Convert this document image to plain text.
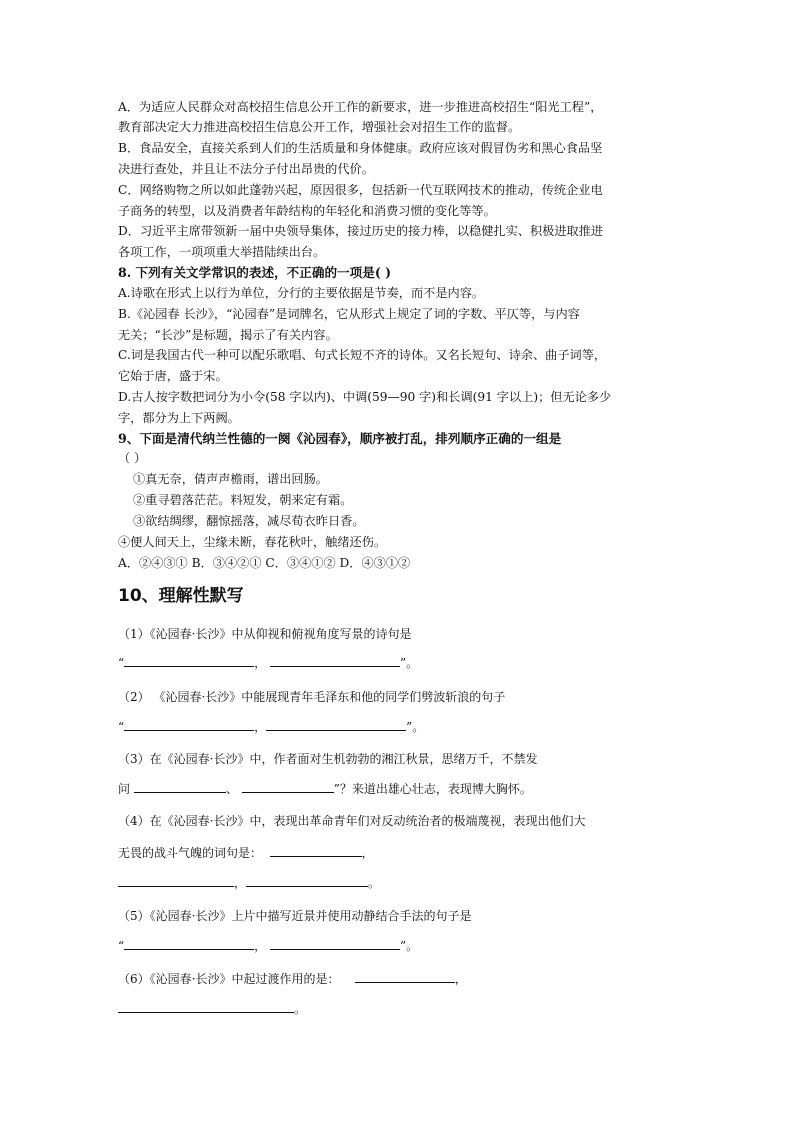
A．为适应人民群众对高校招生信息公开工作的新要求，进一步推进高校招生“阳光工程”，
教育部决定大力推进高校招生信息公开工作，增强社会对招生工作的监督。
B．食品安全，直接关系到人们的生活质量和身体健康。政府应该对假冒伪劣和黑心食品坚
决进行查处，并且让不法分子付出昂贵的代价。
C．网络购物之所以如此蓬勃兴起，原因很多，包括新一代互联网技术的推动，传统企业电
子商务的转型，以及消费者年龄结构的年轻化和消费习惯的变化等等。
D．习近平主席带领新一届中央领导集体，接过历史的接力棒，以稳健扎实、积极进取推进
各项工作，一项项重大举措陆续出台。
8. 下列有关文学常识的表述，不正确的一项是( )
A.诗歌在形式上以行为单位，分行的主要依据是节奏，而不是内容。
B.《沁园春 长沙》，“沁园春”是词牌名，它从形式上规定了词的字数、平仄等，与内容
无关；“长沙”是标题，揭示了有关内容。
C.词是我国古代一种可以配乐歌唱、句式长短不齐的诗体。又名长短句、诗余、曲子词等，
它始于唐，盛于宋。
D.古人按字数把词分为小令(58 字以内)、中调(59—90 字)和长调(91 字以上)；但无论多少
字，都分为上下两阙。
9、下面是清代纳兰性德的一阕《沁园春》，顺序被打乱，排列顺序正确的一组是
（ ）
①真无奈，倩声声檐雨，谱出回肠。
②重寻碧落茫茫。料短发，朝来定有霜。
③欲结绸缪，翻惊摇落，减尽荀衣昨日香。
④便人间天上，尘缘未断，春花秋叶，触绪还伤。
A．②④③① B．③④②① C．③④①② D．④③①②
10、理解性默写
（1）《沁园春·长沙》中从仰视和俯视角度写景的诗句是
“	，	”。
（2） 《沁园春·长沙》中能展现青年毛泽东和他的同学们劈波斩浪的句子
“	，	”。
（3）在《沁园春·长沙》中，作者面对生机勃勃的湘江秋景，思绪万千，不禁发
问	、	”？来道出雄心壮志，表现博大胸怀。
（4）在《沁园春·长沙》中，表现出革命青年们对反动统治者的极端蔑视，表现出他们大
无畏的战斗气魄的词句是：	，
，	。
（5）《沁园春·长沙》上片中描写近景并使用动静结合手法的句子是
“	，	”。
（6）《沁园春·长沙》中起过渡作用的是：	，
。
